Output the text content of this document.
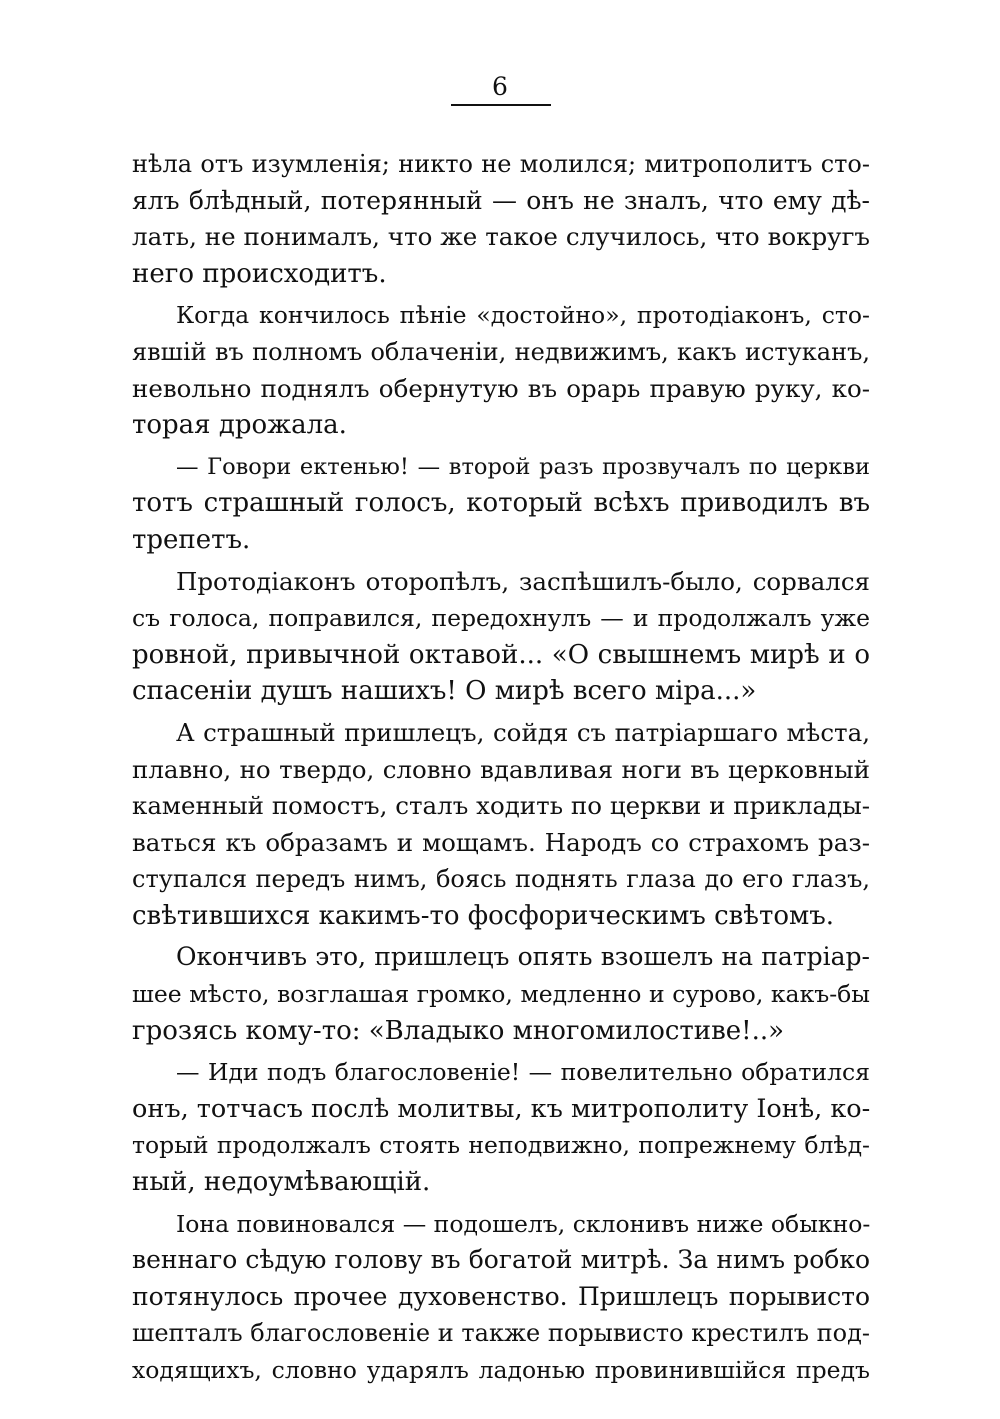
6
нѣла отъ изумленія; никто не молился; митрополитъ сто-
ялъ блѣдный, потерянный — онъ не зналъ, что ему дѣ-
лать, не понималъ, что же такое случилось, что вокругъ
него происходитъ.
Когда кончилось пѣніе «достойно», протодіаконъ, сто-
явшій въ полномъ облаченіи, недвижимъ, какъ истуканъ,
невольно поднялъ обернутую въ орарь правую руку, ко-
торая дрожала.
— Говори ектенью! — второй разъ прозвучалъ по церкви
тотъ страшный голосъ, который всѣхъ приводилъ въ
трепетъ.
Протодіаконъ оторопѣлъ, заспѣшилъ-было, сорвался
съ голоса, поправился, передохнулъ — и продолжалъ уже
ровной, привычной октавой... «О свышнемъ мирѣ и о
спасеніи душъ нашихъ! О мирѣ всего міра...»
А страшный пришлецъ, сойдя съ патріаршаго мѣста,
плавно, но твердо, словно вдавливая ноги въ церковный
каменный помостъ, сталъ ходить по церкви и приклады-
ваться къ образамъ и мощамъ. Народъ со страхомъ раз-
ступался передъ нимъ, боясь поднять глаза до его глазъ,
свѣтившихся какимъ-то фосфорическимъ свѣтомъ.
Окончивъ это, пришлецъ опять взошелъ на патріар-
шее мѣсто, возглашая громко, медленно и сурово, какъ-бы
грозясь кому-то: «Владыко многомилостиве!..»
— Иди подъ благословеніе! — повелительно обратился
онъ, тотчасъ послѣ молитвы, къ митрополиту Іонѣ, ко-
торый продолжалъ стоять неподвижно, попрежнему блѣд-
ный, недоумѣвающій.
Іона повиновался — подошелъ, склонивъ ниже обыкно-
веннаго сѣдую голову въ богатой митрѣ. За нимъ робко
потянулось прочее духовенство. Пришлецъ порывисто
шепталъ благословеніе и также порывисто крестилъ под-
ходящихъ, словно ударялъ ладонью провинившійся предъ
